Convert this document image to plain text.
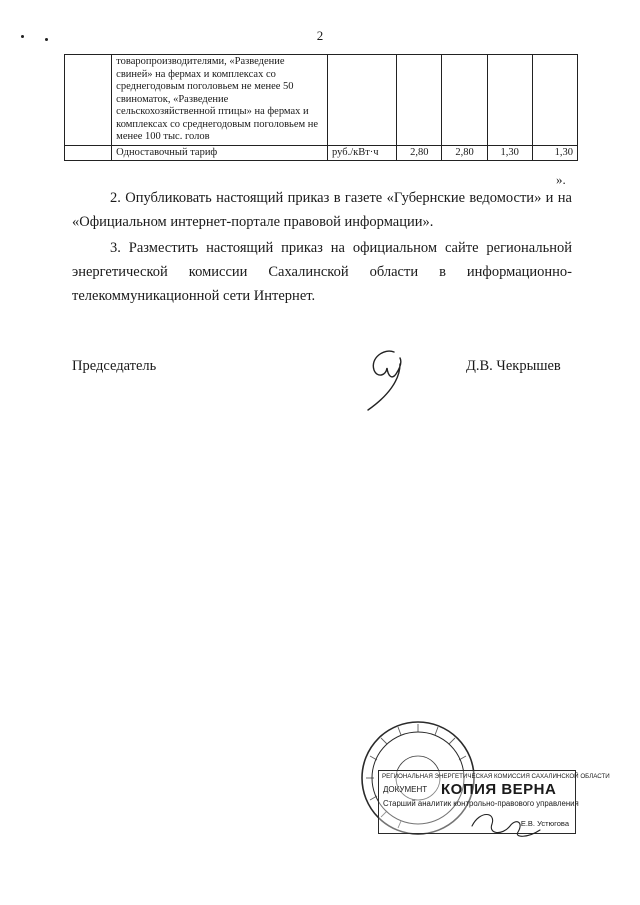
2
	товаропроизводителями, «Разведение свиней» на фермах и комплексах со среднегодовым поголовьем не менее 50 свиноматок, «Разведение сельскохозяйственной птицы» на фермах и комплексах со среднегодовым поголовьем не менее 100 тыс. голов					
	Одноставочный тариф	руб./кВт·ч	2,80	2,80	1,30	1,30
».

2. Опубликовать настоящий приказ в газете «Губернские ведомости» и на «Официальном интернет-портале правовой информации».

3. Разместить настоящий приказ на официальном сайте региональной энергетической комиссии Сахалинской области в информационно-телекоммуникационной сети Интернет.

Председатель	Д.В. Чекрышев
РЕГИОНАЛЬНАЯ ЭНЕРГЕТИЧЕСКАЯ КОМИССИЯ САХАЛИНСКОЙ ОБЛАСТИ
ДОКУМЕНТ КОПИЯ ВЕРНА
Старший аналитик контрольно-правового управления
Е.В. Устюгова
